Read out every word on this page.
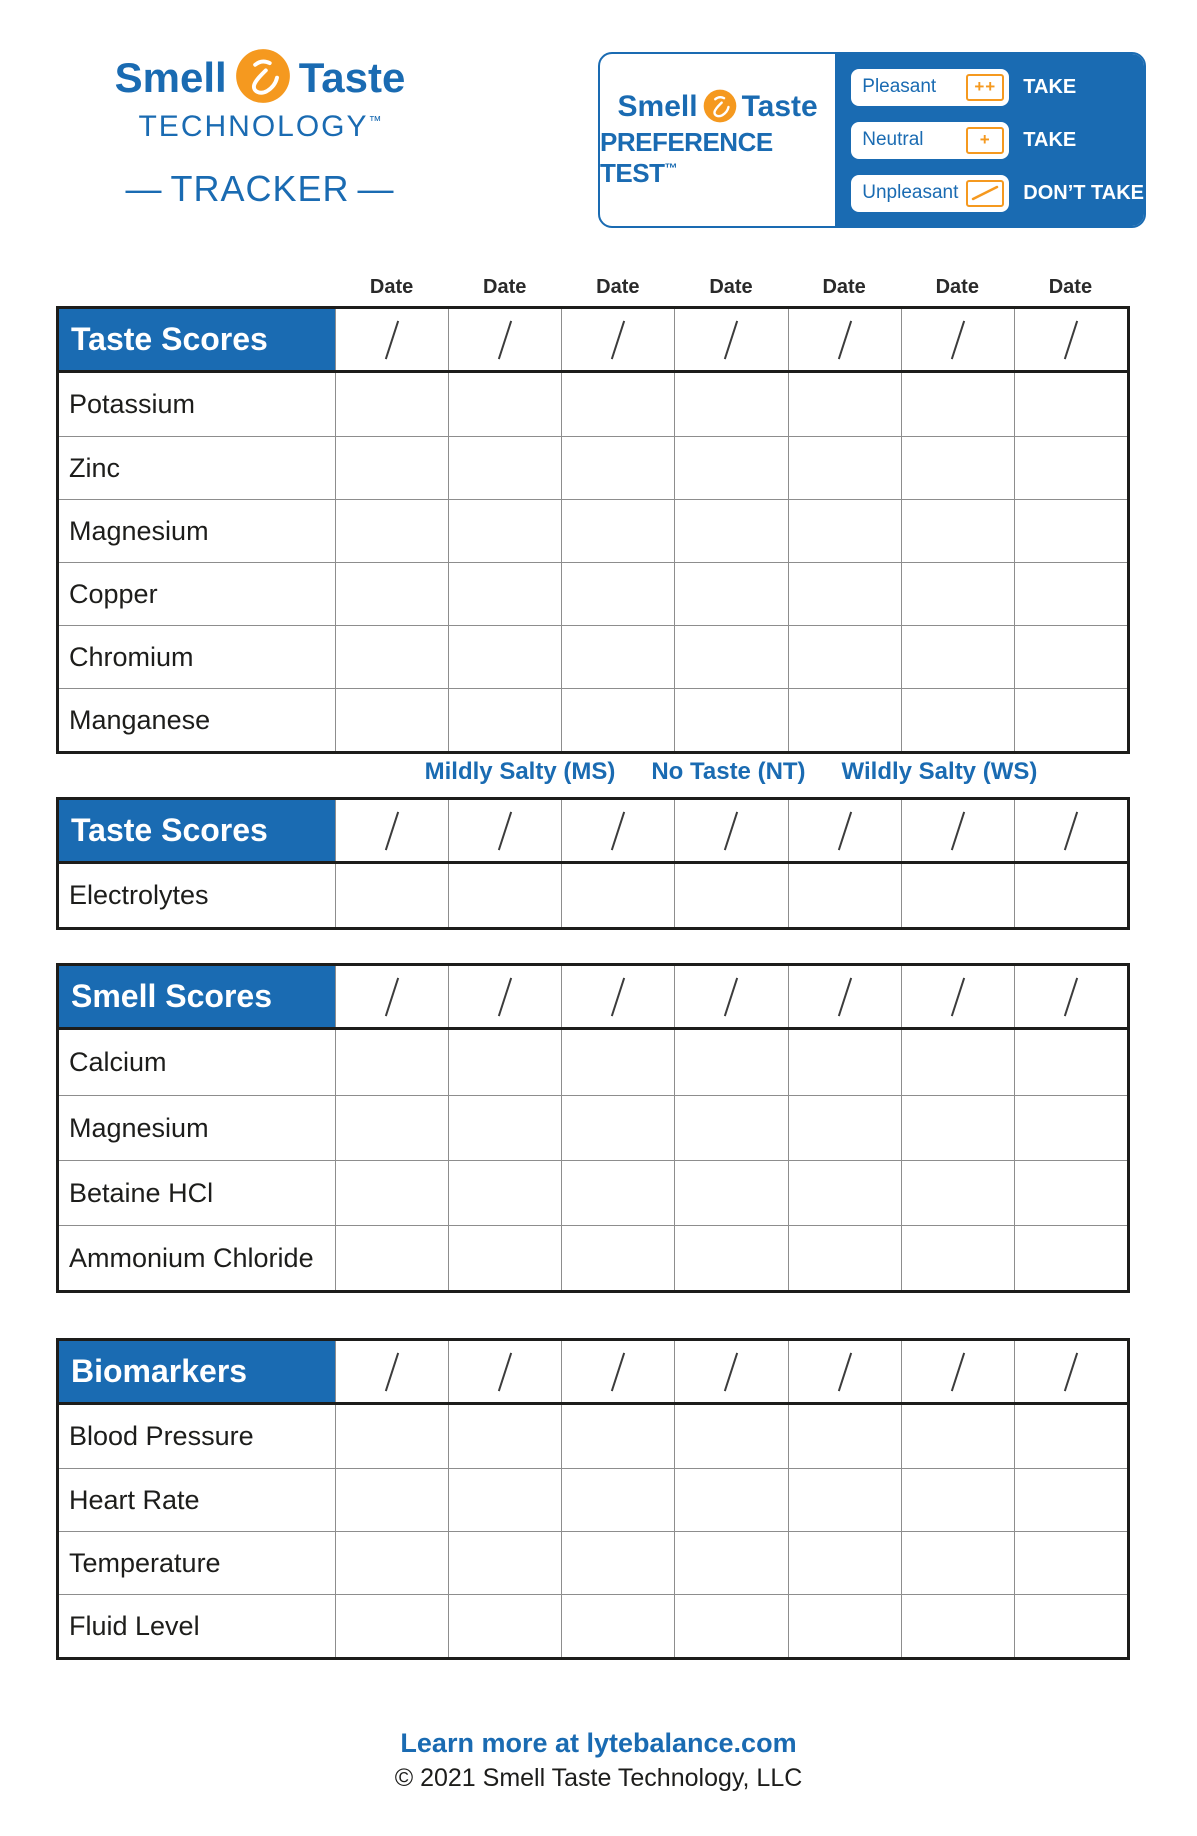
Smell Taste
TECHNOLOGY™
— TRACKER —
Smell Taste
PREFERENCE TEST™
Pleasant	++	TAKE
Neutral	+	TAKE
Unpleasant	DON’T TAKE
Date	Date	Date	Date	Date	Date	Date
Taste Scores
Potassium
Zinc
Magnesium
Copper
Chromium
Manganese
Mildly Salty (MS) No Taste (NT) Wildly Salty (WS)
Taste Scores
Electrolytes
Smell Scores
Calcium
Magnesium
Betaine HCl
Ammonium Chloride
Biomarkers
Blood Pressure
Heart Rate
Temperature
Fluid Level
Learn more at lytebalance.com
© 2021 Smell Taste Technology, LLC
